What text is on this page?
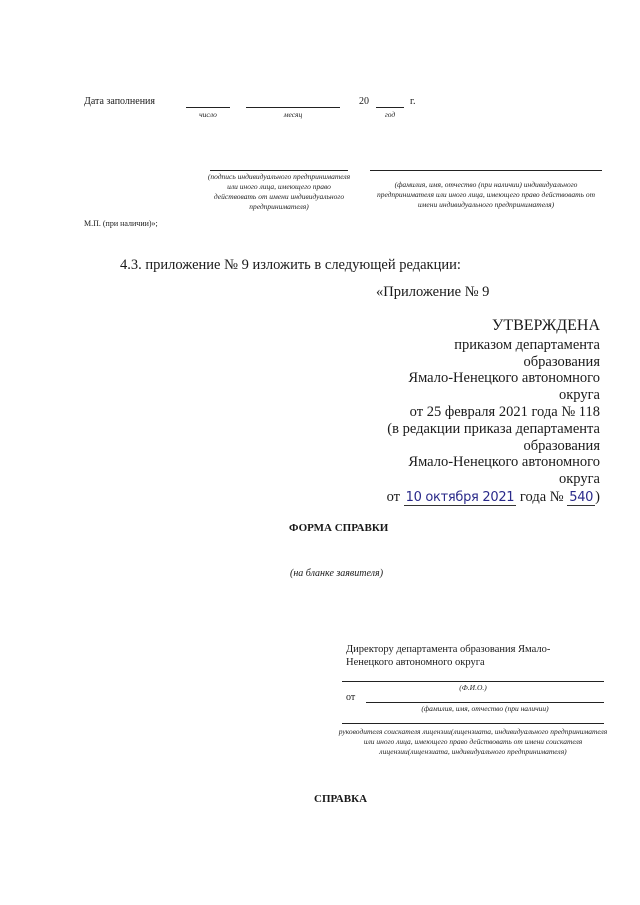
Дата заполнения	20	г.
число	месяц	год
(подпись индивидуального предпринимателя или иного лица, имеющего право действовать от имени индивидуального предпринимателя)
(фамилия, имя, отчество (при наличии) индивидуального предпринимателя или иного лица, имеющего право действовать от имени индивидуального предпринимателя)
М.П. (при наличии)»;
4.3. приложение № 9 изложить в следующей редакции:
«Приложение № 9
УТВЕРЖДЕНА
приказом департамента
образования
Ямало-Ненецкого автономного
округа
от 25 февраля 2021 года № 118
(в редакции приказа департамента
образования
Ямало-Ненецкого автономного
округа
от 10 октября 2021 года № 540 )
ФОРМА СПРАВКИ
(на бланке заявителя)
Директору департамента образования Ямало-
Ненецкого автономного округа
(Ф.И.О.)
от
(фамилия, имя, отчество (при наличии)
руководителя соискателя лицензии(лицензиата, индивидуального предпринимателя или иного лица, имеющего право действовать от имени соискателя лицензии(лицензиата, индивидуального предпринимателя)
СПРАВКА
